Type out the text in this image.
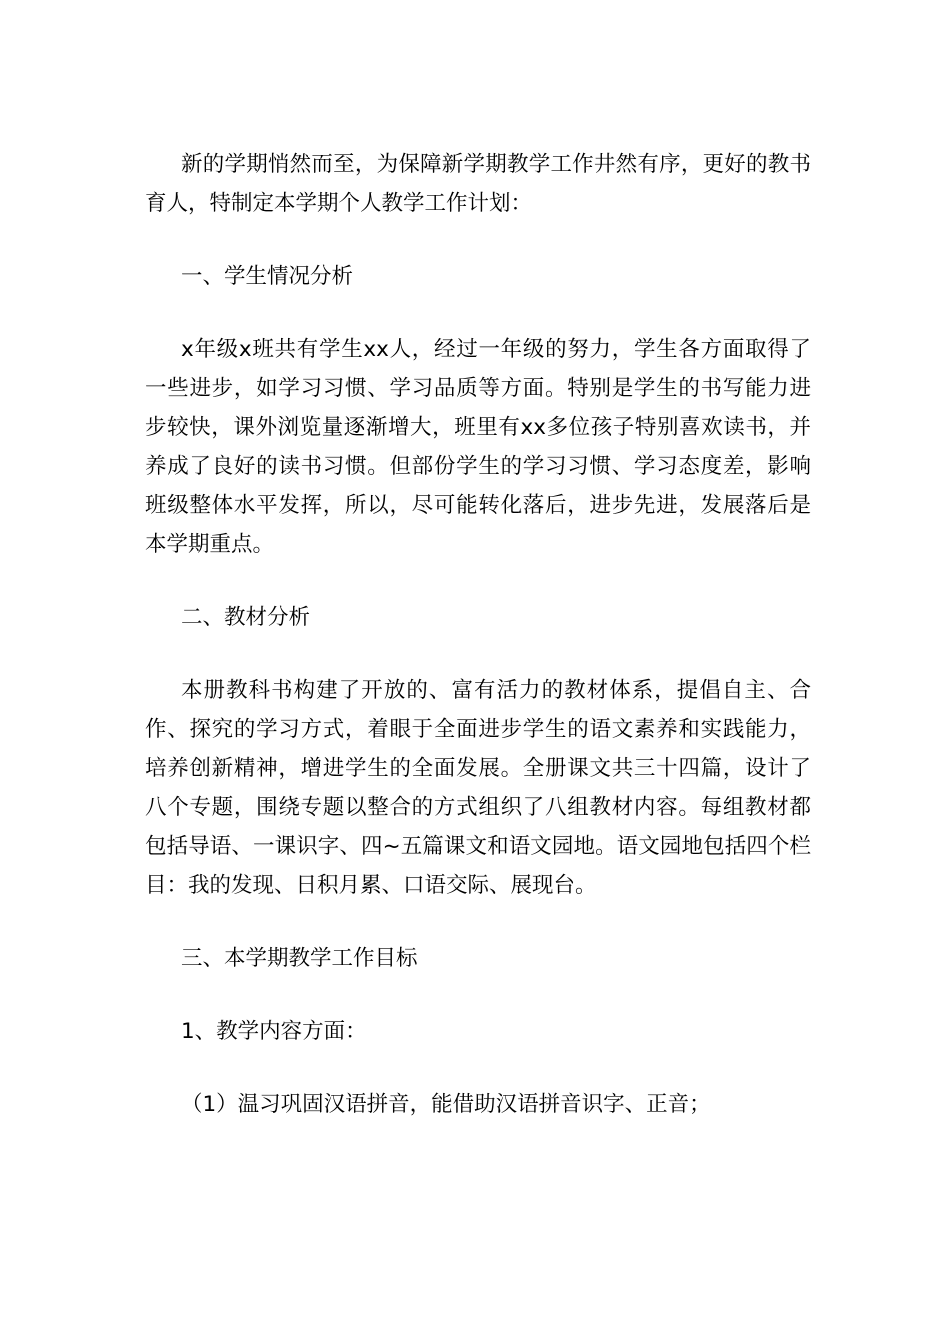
新的学期悄然而至，为保障新学期教学工作井然有序，更好的教书育人，特制定本学期个人教学工作计划：

一、学生情况分析

x年级x班共有学生xx人，经过一年级的努力，学生各方面取得了一些进步，如学习习惯、学习品质等方面。特别是学生的书写能力进步较快，课外浏览量逐渐增大，班里有xx多位孩子特别喜欢读书，并养成了良好的读书习惯。但部份学生的学习习惯、学习态度差，影响班级整体水平发挥，所以，尽可能转化落后，进步先进，发展落后是本学期重点。

二、教材分析

本册教科书构建了开放的、富有活力的教材体系，提倡自主、合作、探究的学习方式，着眼于全面进步学生的语文素养和实践能力，培养创新精神，增进学生的全面发展。全册课文共三十四篇，设计了八个专题，围绕专题以整合的方式组织了八组教材内容。每组教材都包括导语、一课识字、四~五篇课文和语文园地。语文园地包括四个栏目：我的发现、日积月累、口语交际、展现台。

三、本学期教学工作目标

1、教学内容方面：

（1）温习巩固汉语拼音，能借助汉语拼音识字、正音；
